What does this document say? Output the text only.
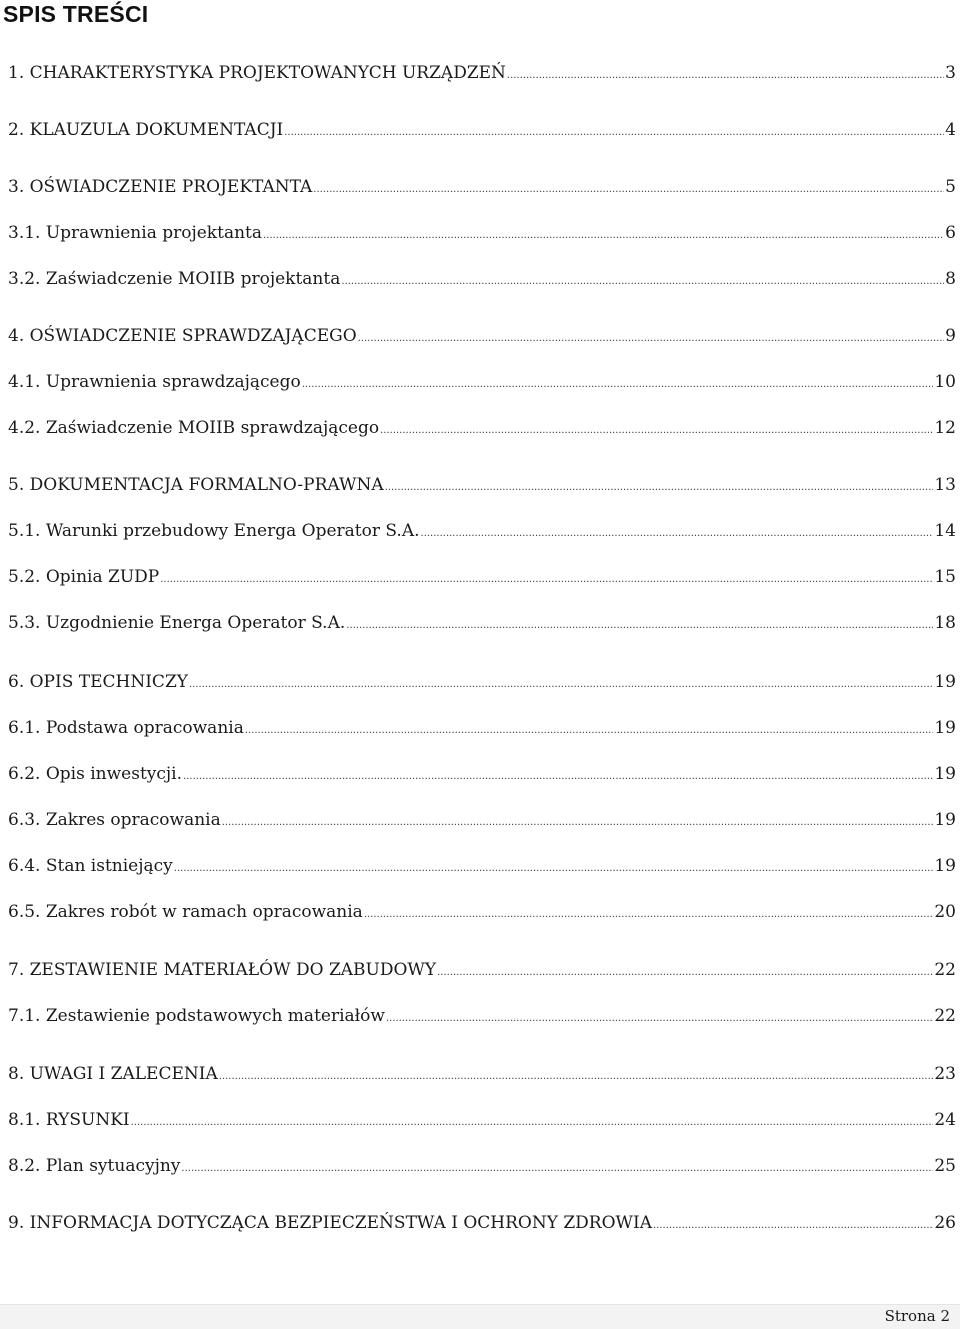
SPIS TREŚCI
1. CHARAKTERYSTYKA PROJEKTOWANYCH URZĄDZEŃ .....	3
2. KLAUZULA DOKUMENTACJI .....	4
3. OŚWIADCZENIE PROJEKTANTA .....	5
3.1. Uprawnienia projektanta .....	6
3.2. Zaświadczenie MOIIB projektanta .....	8
4. OŚWIADCZENIE SPRAWDZAJĄCEGO .....	9
4.1. Uprawnienia sprawdzającego .....	10
4.2. Zaświadczenie MOIIB sprawdzającego .....	12
5. DOKUMENTACJA FORMALNO-PRAWNA .....	13
5.1. Warunki przebudowy Energa Operator S.A. .....	14
5.2. Opinia ZUDP .....	15
5.3. Uzgodnienie Energa Operator S.A. .....	18
6. OPIS TECHNICZY .....	19
6.1. Podstawa opracowania .....	19
6.2. Opis inwestycji. .....	19
6.3. Zakres opracowania .....	19
6.4. Stan istniejący .....	19
6.5. Zakres robót w ramach opracowania .....	20
7. ZESTAWIENIE MATERIAŁÓW DO ZABUDOWY .....	22
7.1. Zestawienie podstawowych materiałów .....	22
8. UWAGI I ZALECENIA .....	23
8.1. RYSUNKI .....	24
8.2. Plan sytuacyjny .....	25
9. INFORMACJA DOTYCZĄCA BEZPIECZEŃSTWA I OCHRONY ZDROWIA .....	26
Strona 2
